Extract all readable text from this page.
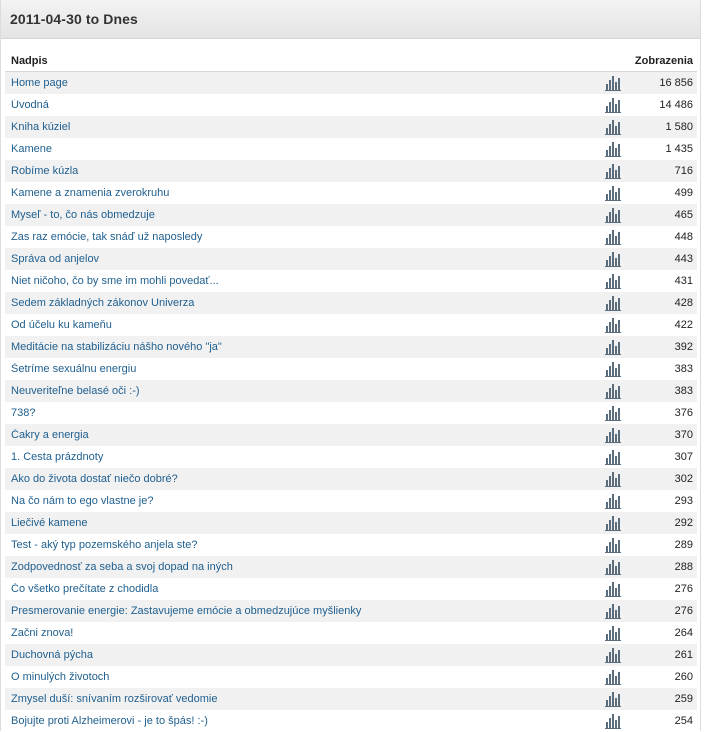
2011-04-30 to Dnes
Nadpis	Zobrazenia
Home page	16 856
Úvodná	14 486
Kniha kúziel	1 580
Kamene	1 435
Robíme kúzla	716
Kamene a znamenia zverokruhu	499
Myseľ - to, čo nás obmedzuje	465
Zas raz emócie, tak snáď už naposledy	448
Správa od anjelov	443
Niet ničoho, čo by sme im mohli povedať...	431
Sedem základných zákonov Univerza	428
Od účelu ku kameňu	422
Meditácie na stabilizáciu nášho nového "ja"	392
Šetríme sexuálnu energiu	383
Neuveriteľne belasé oči :-)	383
738?	376
Čakry a energia	370
1. Cesta prázdnoty	307
Ako do života dostať niečo dobré?	302
Na čo nám to ego vlastne je?	293
Liečivé kamene	292
Test - aký typ pozemského anjela ste?	289
Zodpovednosť za seba a svoj dopad na iných	288
Čo všetko prečítate z chodidla	276
Presmerovanie energie: Zastavujeme emócie a obmedzujúce myšlienky	276
Začni znova!	264
Duchovná pýcha	261
O minulých životoch	260
Zmysel duší: snívaním rozširovať vedomie	259
Bojujte proti Alzheimerovi - je to špás! :-)	254
